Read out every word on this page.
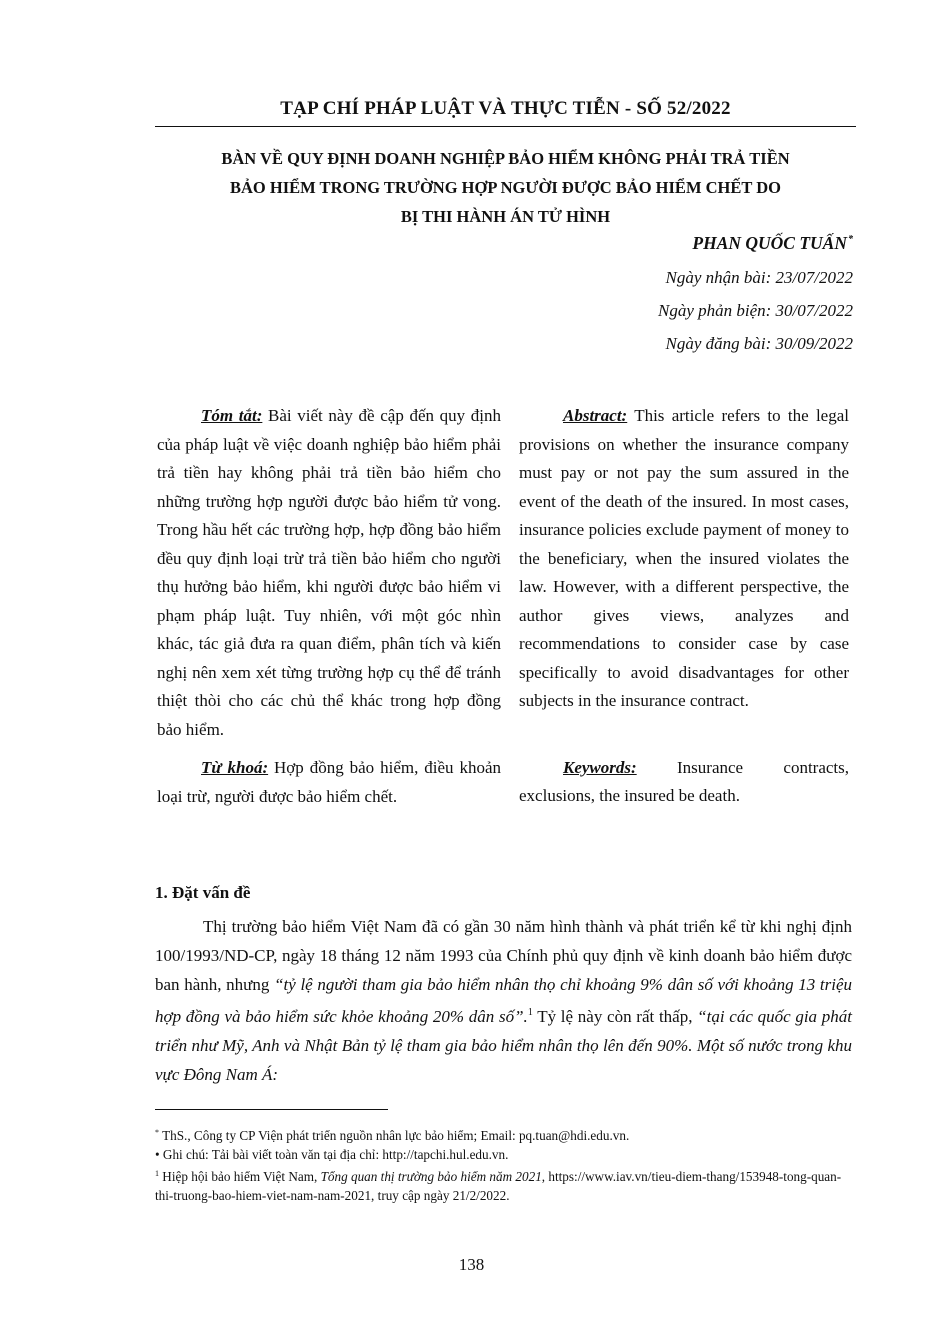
TẠP CHÍ PHÁP LUẬT VÀ THỰC TIỄN - SỐ 52/2022
BÀN VỀ QUY ĐỊNH DOANH NGHIỆP BẢO HIỂM KHÔNG PHẢI TRẢ TIỀN
BẢO HIỂM TRONG TRƯỜNG HỢP NGƯỜI ĐƯỢC BẢO HIỂM CHẾT DO
BỊ THI HÀNH ÁN TỬ HÌNH
PHAN QUỐC TUẤN*
Ngày nhận bài: 23/07/2022
Ngày phản biện: 30/07/2022
Ngày đăng bài: 30/09/2022

Tóm tắt: Bài viết này đề cập đến quy định của pháp luật về việc doanh nghiệp bảo hiểm phải trả tiền hay không phải trả tiền bảo hiểm cho những trường hợp người được bảo hiểm tử vong. Trong hầu hết các trường hợp, hợp đồng bảo hiểm đều quy định loại trừ trả tiền bảo hiểm cho người thụ hưởng bảo hiểm, khi người được bảo hiểm vi phạm pháp luật. Tuy nhiên, với một góc nhìn khác, tác giả đưa ra quan điểm, phân tích và kiến nghị nên xem xét từng trường hợp cụ thể để tránh thiệt thòi cho các chủ thể khác trong hợp đồng bảo hiểm.

Từ khoá: Hợp đồng bảo hiểm, điều khoản loại trừ, người được bảo hiểm chết.

Abstract: This article refers to the legal provisions on whether the insurance company must pay or not pay the sum assured in the event of the death of the insured. In most cases, insurance policies exclude payment of money to the beneficiary, when the insured violates the law. However, with a different perspective, the author gives views, analyzes and recommendations to consider case by case specifically to avoid disadvantages for other subjects in the insurance contract.

Keywords: Insurance contracts, exclusions, the insured be death.

1. Đặt vấn đề

Thị trường bảo hiểm Việt Nam đã có gần 30 năm hình thành và phát triển kể từ khi nghị định 100/1993/ND-CP, ngày 18 tháng 12 năm 1993 của Chính phủ quy định về kinh doanh bảo hiểm được ban hành, nhưng “tỷ lệ người tham gia bảo hiểm nhân thọ chỉ khoảng 9% dân số với khoảng 13 triệu hợp đồng và bảo hiểm sức khỏe khoảng 20% dân số”.$^1$ Tỷ lệ này còn rất thấp, “tại các quốc gia phát triển như Mỹ, Anh và Nhật Bản tỷ lệ tham gia bảo hiểm nhân thọ lên đến 90%. Một số nước trong khu vực Đông Nam Á:

* ThS., Công ty CP Viện phát triển nguồn nhân lực bảo hiểm; Email: pq.tuan@hdi.edu.vn.
• Ghi chú: Tải bài viết toàn văn tại địa chỉ: http://tapchi.hul.edu.vn.
$^1$ Hiệp hội bảo hiểm Việt Nam, Tổng quan thị trường bảo hiểm năm 2021, https://www.iav.vn/tieu-diem-thang/153948-tong-quan-thi-truong-bao-hiem-viet-nam-nam-2021, truy cập ngày 21/2/2022.
138
